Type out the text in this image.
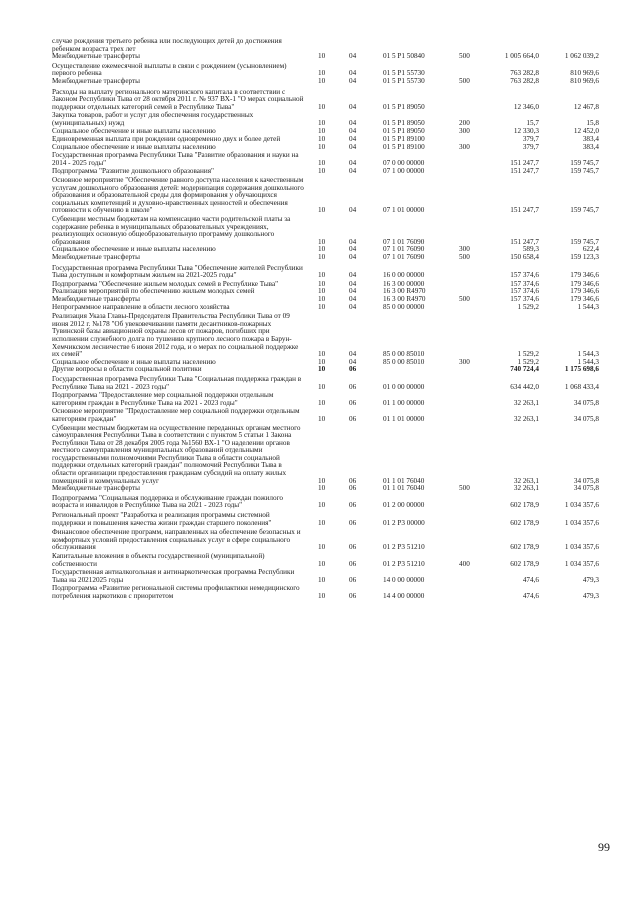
случае рождения третьего ребенка или последующих детей до достижения ребенком возраста трех лет
Межбюджетные трансферты	10	04	01 5 P1 50840	500	1 005 664,0	1 062 039,2
Осуществление ежемесячной выплаты в связи с рождением (усыновлением) первого ребенка	10	04	01 5 P1 55730	763 282,8	810 969,6
Межбюджетные трансферты	10	04	01 5 P1 55730	500	763 282,8	810 969,6
Расходы на выплату регионального материнского капитала в соответствии с Законом Республики Тыва от 28 октября 2011 г. № 937 ВХ-1 "О мерах социальной поддержки отдельных категорий семей в Республике Тыва"	10	04	01 5 P1 89050	12 346,0	12 467,8
Закупка товаров, работ и услуг для обеспечения государственных (муниципальных) нужд	10	04	01 5 P1 89050	200	15,7	15,8
Социальное обеспечение и иные выплаты населению	10	04	01 5 P1 89050	300	12 330,3	12 452,0
Единовременная выплата при рождении одновременно двух и более детей	10	04	01 5 P1 89100	379,7	383,4
Социальное обеспечение и иные выплаты населению	10	04	01 5 P1 89100	300	379,7	383,4
Государственная программа Республики Тыва "Развитие образования и науки на 2014 - 2025 годы"	10	04	07 0 00 00000	151 247,7	159 745,7
Подпрограмма "Развитие дошкольного образования"	10	04	07 1 00 00000	151 247,7	159 745,7
Основное мероприятие "Обеспечение равного доступа населения к качественным услугам дошкольного образования детей: модернизация содержания дошкольного образования и образовательной среды для формирования у обучающихся социальных компетенций и духовно-нравственных ценностей и обеспечения готовности к обучению в школе"	10	04	07 1 01 00000	151 247,7	159 745,7
Субвенции местным бюджетам на компенсацию части родительской платы за содержание ребенка в муниципальных образовательных учреждениях, реализующих основную общеобразовательную программу дошкольного образования	10	04	07 1 01 76090	151 247,7	159 745,7
Социальное обеспечение и иные выплаты населению	10	04	07 1 01 76090	300	589,3	622,4
Межбюджетные трансферты	10	04	07 1 01 76090	500	150 658,4	159 123,3
Государственная программа Республики Тыва "Обеспечение жителей Республики Тыва доступным и комфортным жильем на 2021-2025 годы"	10	04	16 0 00 00000	157 374,6	179 346,6
Подпрограмма "Обеспечение жильем молодых семей в Республике Тыва"	10	04	16 3 00 00000	157 374,6	179 346,6
Реализация мероприятий по обеспечению жильем молодых семей	10	04	16 3 00 R4970	157 374,6	179 346,6
Межбюджетные трансферты	10	04	16 3 00 R4970	500	157 374,6	179 346,6
Непрограммное направление в области лесного хозяйства	10	04	85 0 00 00000	1 529,2	1 544,3
Реализация Указа Главы-Председателя Правительства Республики Тыва от 09 июня 2012 г. №178 "Об увековечивании памяти десантников-пожарных Тувинской базы авиационной охраны лесов от пожаров, погибших при исполнении служебного долга по тушению крупного лесного пожара в Барун-Хемчикском лесничестве 6 июня 2012 года, и о мерах по социальной поддержке их семей"	10	04	85 0 00 85010	1 529,2	1 544,3
Социальное обеспечение и иные выплаты населению	10	04	85 0 00 85010	300	1 529,2	1 544,3
Другие вопросы в области социальной политики	10	06	740 724,4	1 175 698,6
Государственная программа Республики Тыва "Социальная поддержка граждан в Республике Тыва на 2021 - 2023 годы"	10	06	01 0 00 00000	634 442,0	1 068 433,4
Подпрограмма "Предоставление мер социальной поддержки отдельным категориям граждан в Республике Тыва на 2021 - 2023 годы"	10	06	01 1 00 00000	32 263,1	34 075,8
Основное мероприятие "Предоставление мер социальной поддержки отдельным категориям граждан"	10	06	01 1 01 00000	32 263,1	34 075,8
Субвенции местным бюджетам на осуществление переданных органам местного самоуправления Республики Тыва в соответствии с пунктом 5 статьи 1 Закона Республики Тыва от 28 декабря 2005 года №1560 ВХ-1 "О наделении органов местного самоуправления муниципальных образований отдельными государственными полномочиями Республики Тыва в области социальной поддержки отдельных категорий граждан" полномочий Республики Тыва в области организации предоставления гражданам субсидий на оплату жилых помещений и коммунальных услуг	10	06	01 1 01 76040	32 263,1	34 075,8
Межбюджетные трансферты	10	06	01 1 01 76040	500	32 263,1	34 075,8
Подпрограмма "Социальная поддержка и обслуживание граждан пожилого возраста и инвалидов в Республике Тыва на 2021 - 2023 годы"	10	06	01 2 00 00000	602 178,9	1 034 357,6
Региональный проект "Разработка и реализация программы системной поддержки и повышения качества жизни граждан старшего поколения"	10	06	01 2 P3 00000	602 178,9	1 034 357,6
Финансовое обеспечение программ, направленных на обеспечение безопасных и комфортных условий предоставления социальных услуг в сфере социального обслуживания	10	06	01 2 P3 51210	602 178,9	1 034 357,6
Капитальные вложения в объекты государственной (муниципальной) собственности	10	06	01 2 P3 51210	400	602 178,9	1 034 357,6
Государственная антиалкогольная и антинаркотическая программа Республики Тыва на 20212025 годы	10	06	14 0 00 00000	474,6	479,3
Подпрограмма «Развитие региональной системы профилактики немедицинского потребления наркотиков с приоритетом	10	06	14 4 00 00000	474,6	479,3
99
